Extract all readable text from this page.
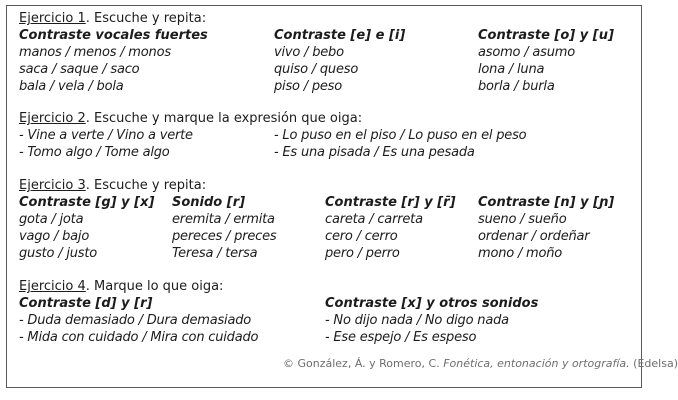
Ejercicio 1. Escuche y repita:
Contraste vocales fuertes
manos / menos / monos
saca / saque / saco
bala / vela / bola
Contraste [e] e [i]
vivo / bebo
quiso / queso
piso / peso
Contraste [o] y [u]
asomo / asumo
lona / luna
borla / burla
Ejercicio 2. Escuche y marque la expresión que oiga:
- Vine a verte / Vino a verte
- Tomo algo / Tome algo
- Lo puso en el piso / Lo puso en el peso
- Es una pisada / Es una pesada
Ejercicio 3. Escuche y repita:
Contraste [g] y [x]
gota / jota
vago / bajo
gusto / justo
Sonido [r]
eremita / ermita
pereces / preces
Teresa / tersa
Contraste [r] y [r̄]
careta / carreta
cero / cerro
pero / perro
Contraste [n] y [ɲ]
sueno / sueño
ordenar / ordeñar
mono / moño
Ejercicio 4. Marque lo que oiga:
Contraste [d] y [r]
- Duda demasiado / Dura demasiado
- Mida con cuidado / Mira con cuidado
Contraste [x] y otros sonidos
- No dijo nada / No digo nada
- Ese espejo / Es espeso
© González, Á. y Romero, C. Fonética, entonación y ortografía. (Edelsa)
